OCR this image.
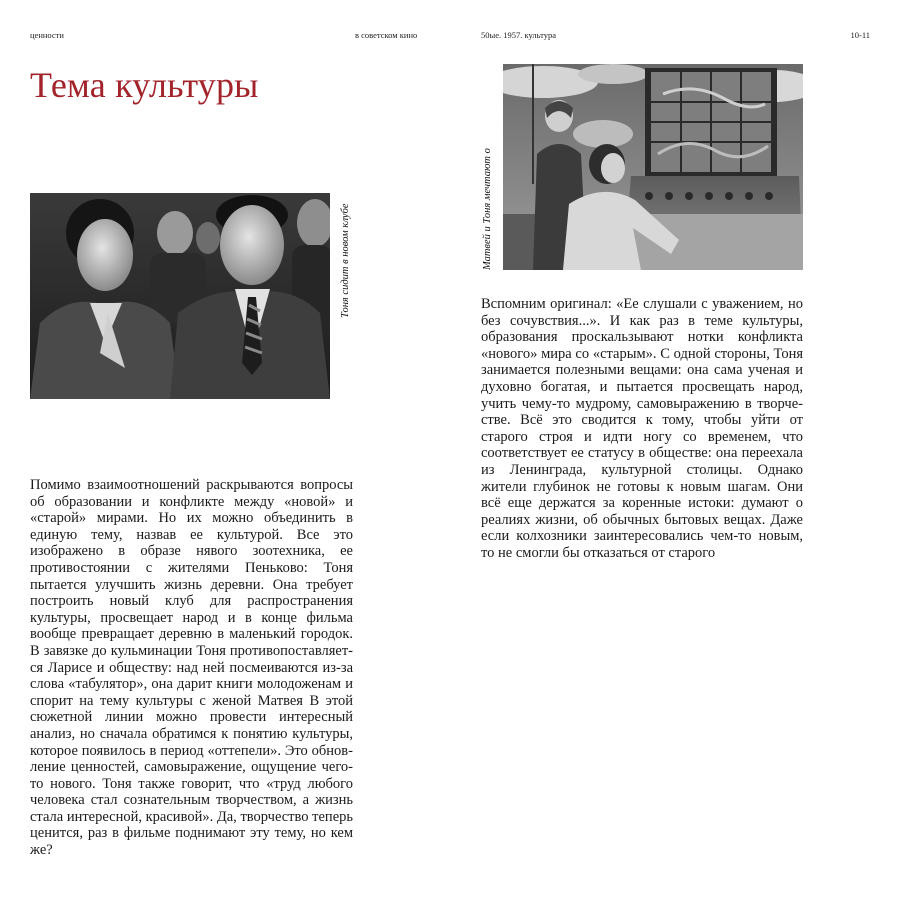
ценности	в советском кино	50ые. 1957. культура	10-11
Тема культуры
Тоня сидит в новом клубе	Матвей и Тоня мечтают о

Помимо взаимоотношений раскрываются вопросы об образовании и конфликте между «новой» и «старой» мирами. Но их можно объединить в единую тему, назвав ее культурой. Все это изображено в образе нявого зоотехника, ее противостоянии с жителями Пеньково: Тоня пытается улучшить жизнь деревни. Она требует построить новый клуб для распространения культуры, просвещает народ и в конце фильма вообще превращает деревню в маленький городок. В завязке до кульминации Тоня противопоставляется Ларисе и обществу: над ней посмеиваются из-за слова «табулятор», она дарит книги молодоженам и спорит на тему культуры с женой Матвея В этой сюжетной линии можно провести интересный анализ, но сначала обратимся к понятию культуры, которое появилось в период «оттепели». Это обновление ценностей, самовыражение, ощущение чего-то нового. Тоня также говорит, что «труд любого человека стал сознательным творчеством, а жизнь стала интересной, красивой». Да, творчество теперь ценится, раз в фильме поднимают эту тему, но кем же?

Вспомним оригинал: «Ее слушали с уважением, но без сочувствия...». И как раз в теме культуры, образования проскальзывают нотки конфликта «нового» мира со «старым». С одной стороны, Тоня занимается полезными вещами: она сама ученая и духовно богатая, и пытается просвещать народ, учить чему-то мудрому, самовыражению в творчестве. Всё это сводится к тому, чтобы уйти от старого строя и идти ногу со временем, что соответствует ее статусу в обществе: она переехала из Ленинграда, культурной столицы. Однако жители глубинок не готовы к новым шагам. Они всё еще держатся за коренные истоки: думают о реалиях жизни, об обычных бытовых вещах. Даже если колхозники заинтересовались чем-то новым, то не смогли бы отказаться от старого
